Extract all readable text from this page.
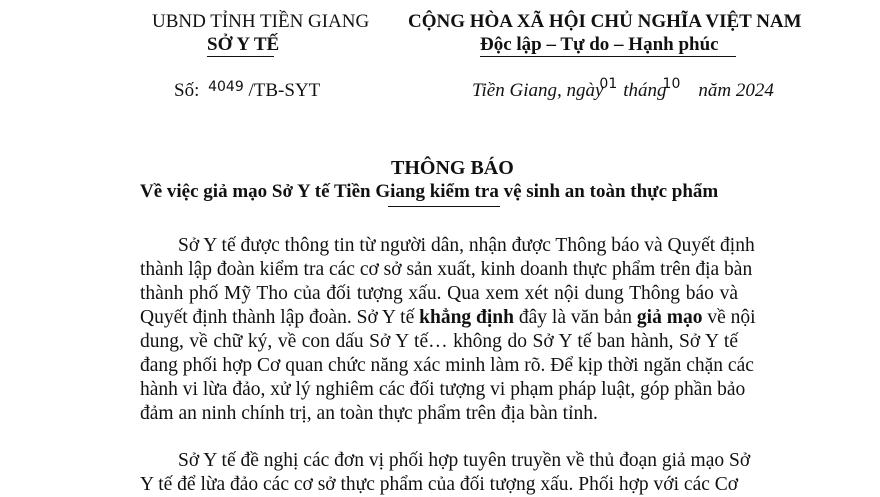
UBND TỈNH TIỀN GIANG
SỞ Y TẾ
CỘNG HÒA XÃ HỘI CHỦ NGHĨA VIỆT NAM
Độc lập – Tự do – Hạnh phúc
Số: $^{4049}$ /TB-SYT	Tiền Giang, ngày01 tháng10 năm 2024
THÔNG BÁO
Về việc giả mạo Sở Y tế Tiền Giang kiểm tra vệ sinh an toàn thực phẩm
Sở Y tế được thông tin từ người dân, nhận được Thông báo và Quyết định
thành lập đoàn kiểm tra các cơ sở sản xuất, kinh doanh thực phẩm trên địa bàn
thành phố Mỹ Tho của đối tượng xấu. Qua xem xét nội dung Thông báo và
Quyết định thành lập đoàn. Sở Y tế khẳng định đây là văn bản giả mạo về nội
dung, về chữ ký, về con dấu Sở Y tế… không do Sở Y tế ban hành, Sở Y tế
đang phối hợp Cơ quan chức năng xác minh làm rõ. Để kịp thời ngăn chặn các
hành vi lừa đảo, xử lý nghiêm các đối tượng vi phạm pháp luật, góp phần bảo
đảm an ninh chính trị, an toàn thực phẩm trên địa bàn tỉnh.
Sở Y tế đề nghị các đơn vị phối hợp tuyên truyền về thủ đoạn giả mạo Sở
Y tế để lừa đảo các cơ sở thực phẩm của đối tượng xấu. Phối hợp với các Cơ
